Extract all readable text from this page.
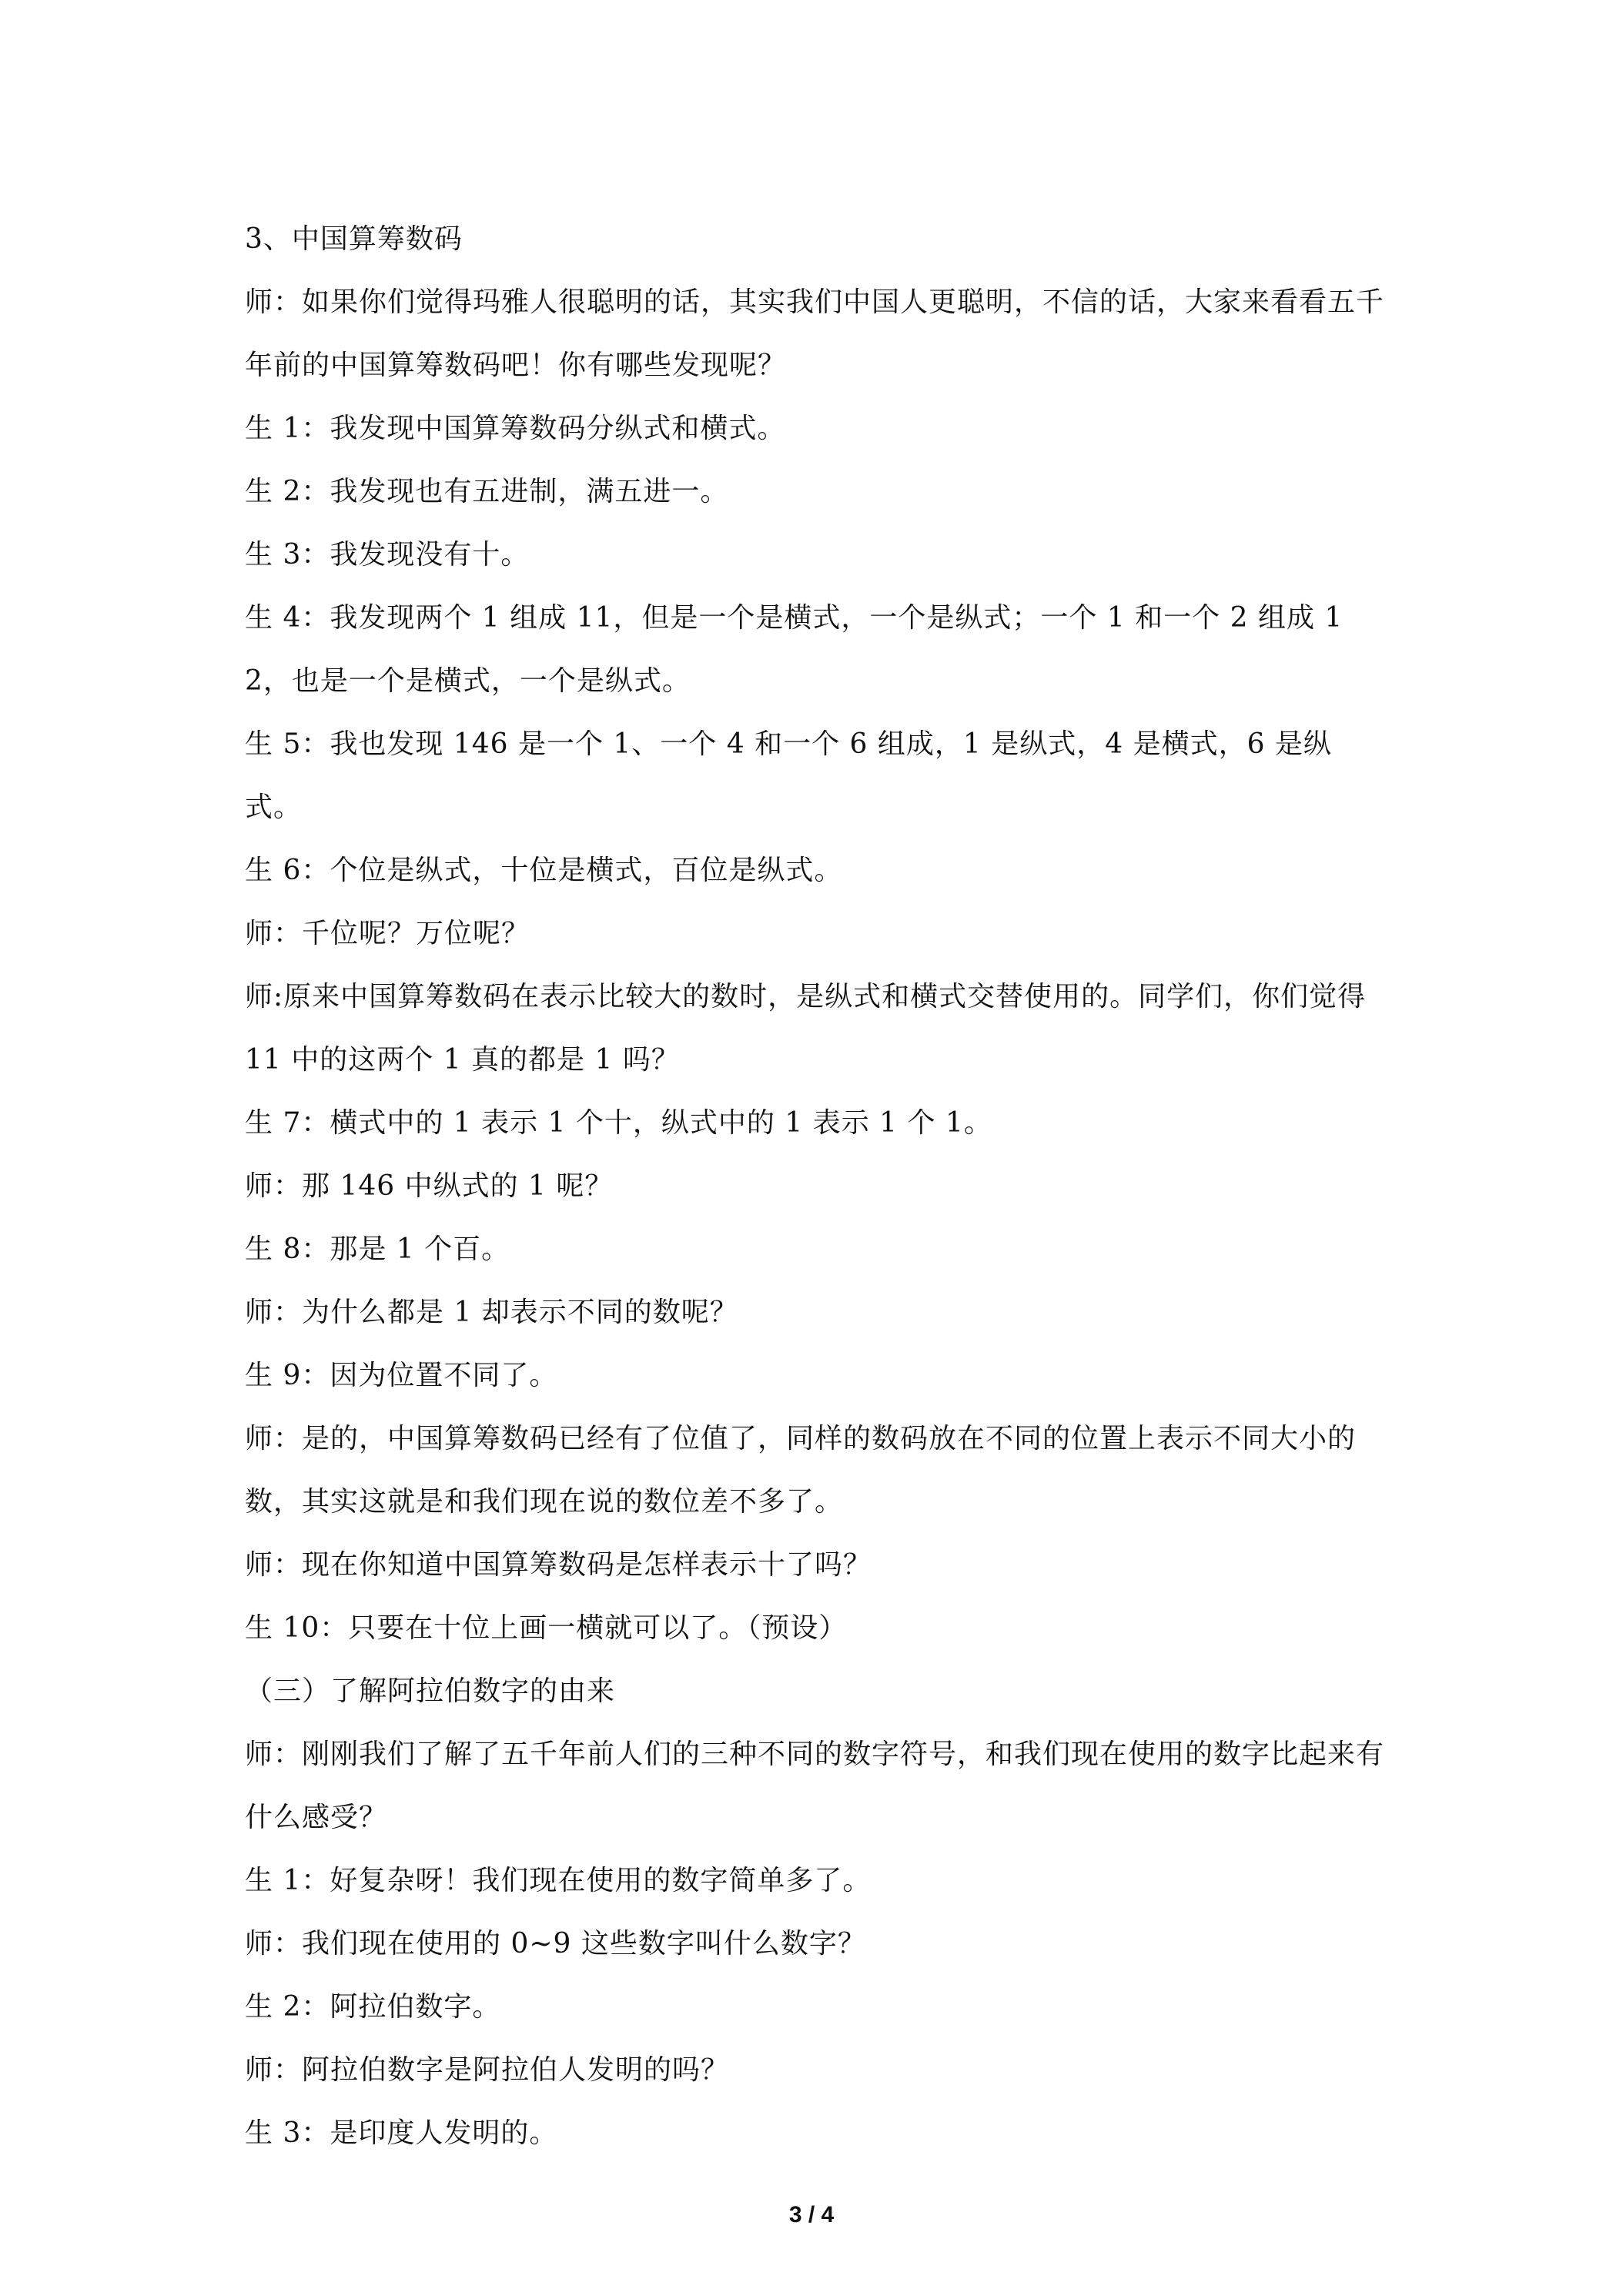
3、中国算筹数码

师：如果你们觉得玛雅人很聪明的话，其实我们中国人更聪明，不信的话，大家来看看五千年前的中国算筹数码吧！你有哪些发现呢？

生 1：我发现中国算筹数码分纵式和横式。

生 2：我发现也有五进制，满五进一。

生 3：我发现没有十。

生 4：我发现两个 1 组成 11，但是一个是横式，一个是纵式；一个 1 和一个 2 组成 12，也是一个是横式，一个是纵式。

生 5：我也发现 146 是一个 1、一个 4 和一个 6 组成，1 是纵式，4 是横式，6 是纵式。

生 6：个位是纵式，十位是横式，百位是纵式。

师：千位呢？万位呢？

师:原来中国算筹数码在表示比较大的数时，是纵式和横式交替使用的。同学们，你们觉得 11 中的这两个 1 真的都是 1 吗？

生 7：横式中的 1 表示 1 个十，纵式中的 1 表示 1 个 1。

师：那 146 中纵式的 1 呢？

生 8：那是 1 个百。

师：为什么都是 1 却表示不同的数呢？

生 9：因为位置不同了。

师：是的，中国算筹数码已经有了位值了，同样的数码放在不同的位置上表示不同大小的数，其实这就是和我们现在说的数位差不多了。

师：现在你知道中国算筹数码是怎样表示十了吗？

生 10：只要在十位上画一横就可以了。（预设）

（三）了解阿拉伯数字的由来

师：刚刚我们了解了五千年前人们的三种不同的数字符号，和我们现在使用的数字比起来有什么感受？

生 1：好复杂呀！我们现在使用的数字简单多了。

师：我们现在使用的 0~9 这些数字叫什么数字？

生 2：阿拉伯数字。

师：阿拉伯数字是阿拉伯人发明的吗？

生 3：是印度人发明的。

3 / 4
